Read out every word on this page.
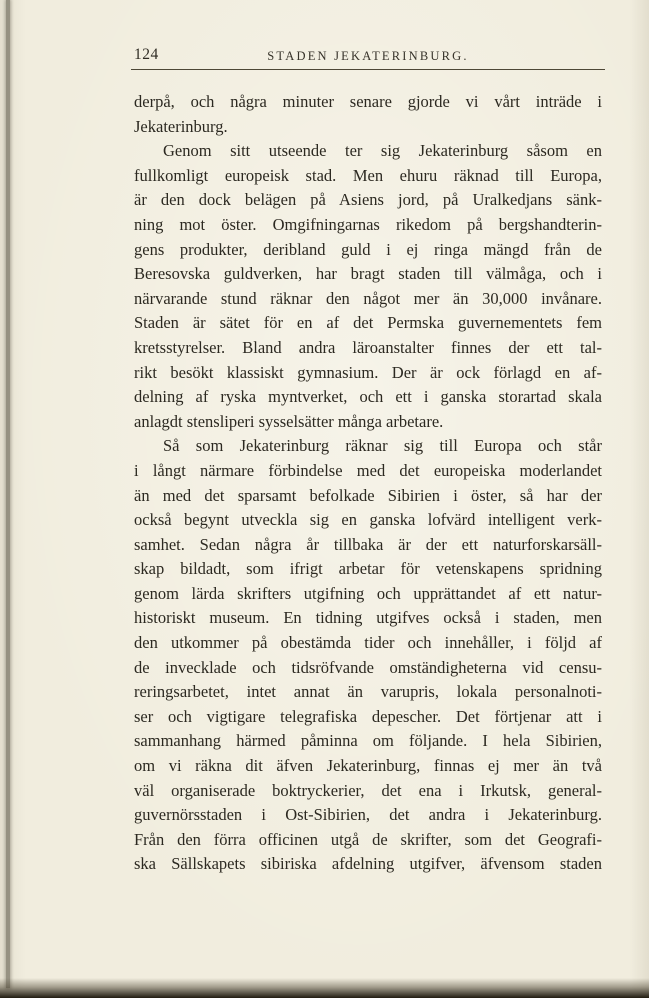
124	STADEN JEKATERINBURG.
derpå, och några minuter senare gjorde vi vårt inträde i
Jekaterinburg.
Genom sitt utseende ter sig Jekaterinburg såsom en
fullkomligt europeisk stad. Men ehuru räknad till Europa,
är den dock belägen på Asiens jord, på Uralkedjans sänk-
ning mot öster. Omgifningarnas rikedom på bergshandterin-
gens produkter, deribland guld i ej ringa mängd från de
Beresovska guldverken, har bragt staden till välmåga, och i
närvarande stund räknar den något mer än 30,000 invånare.
Staden är sätet för en af det Permska guvernementets fem
kretsstyrelser. Bland andra läroanstalter finnes der ett tal-
rikt besökt klassiskt gymnasium. Der är ock förlagd en af-
delning af ryska myntverket, och ett i ganska storartad skala
anlagdt stensliperi sysselsätter många arbetare.
Så som Jekaterinburg räknar sig till Europa och står
i långt närmare förbindelse med det europeiska moderlandet
än med det sparsamt befolkade Sibirien i öster, så har der
också begynt utveckla sig en ganska lofvärd intelligent verk-
samhet. Sedan några år tillbaka är der ett naturforskarsäll-
skap bildadt, som ifrigt arbetar för vetenskapens spridning
genom lärda skrifters utgifning och upprättandet af ett natur-
historiskt museum. En tidning utgifves också i staden, men
den utkommer på obestämda tider och innehåller, i följd af
de invecklade och tidsröfvande omständigheterna vid censu-
reringsarbetet, intet annat än varupris, lokala personalnoti-
ser och vigtigare telegrafiska depescher. Det förtjenar att i
sammanhang härmed påminna om följande. I hela Sibirien,
om vi räkna dit äfven Jekaterinburg, finnas ej mer än två
väl organiserade boktryckerier, det ena i Irkutsk, general-
guvernörsstaden i Ost-Sibirien, det andra i Jekaterinburg.
Från den förra officinen utgå de skrifter, som det Geografi-
ska Sällskapets sibiriska afdelning utgifver, äfvensom staden
